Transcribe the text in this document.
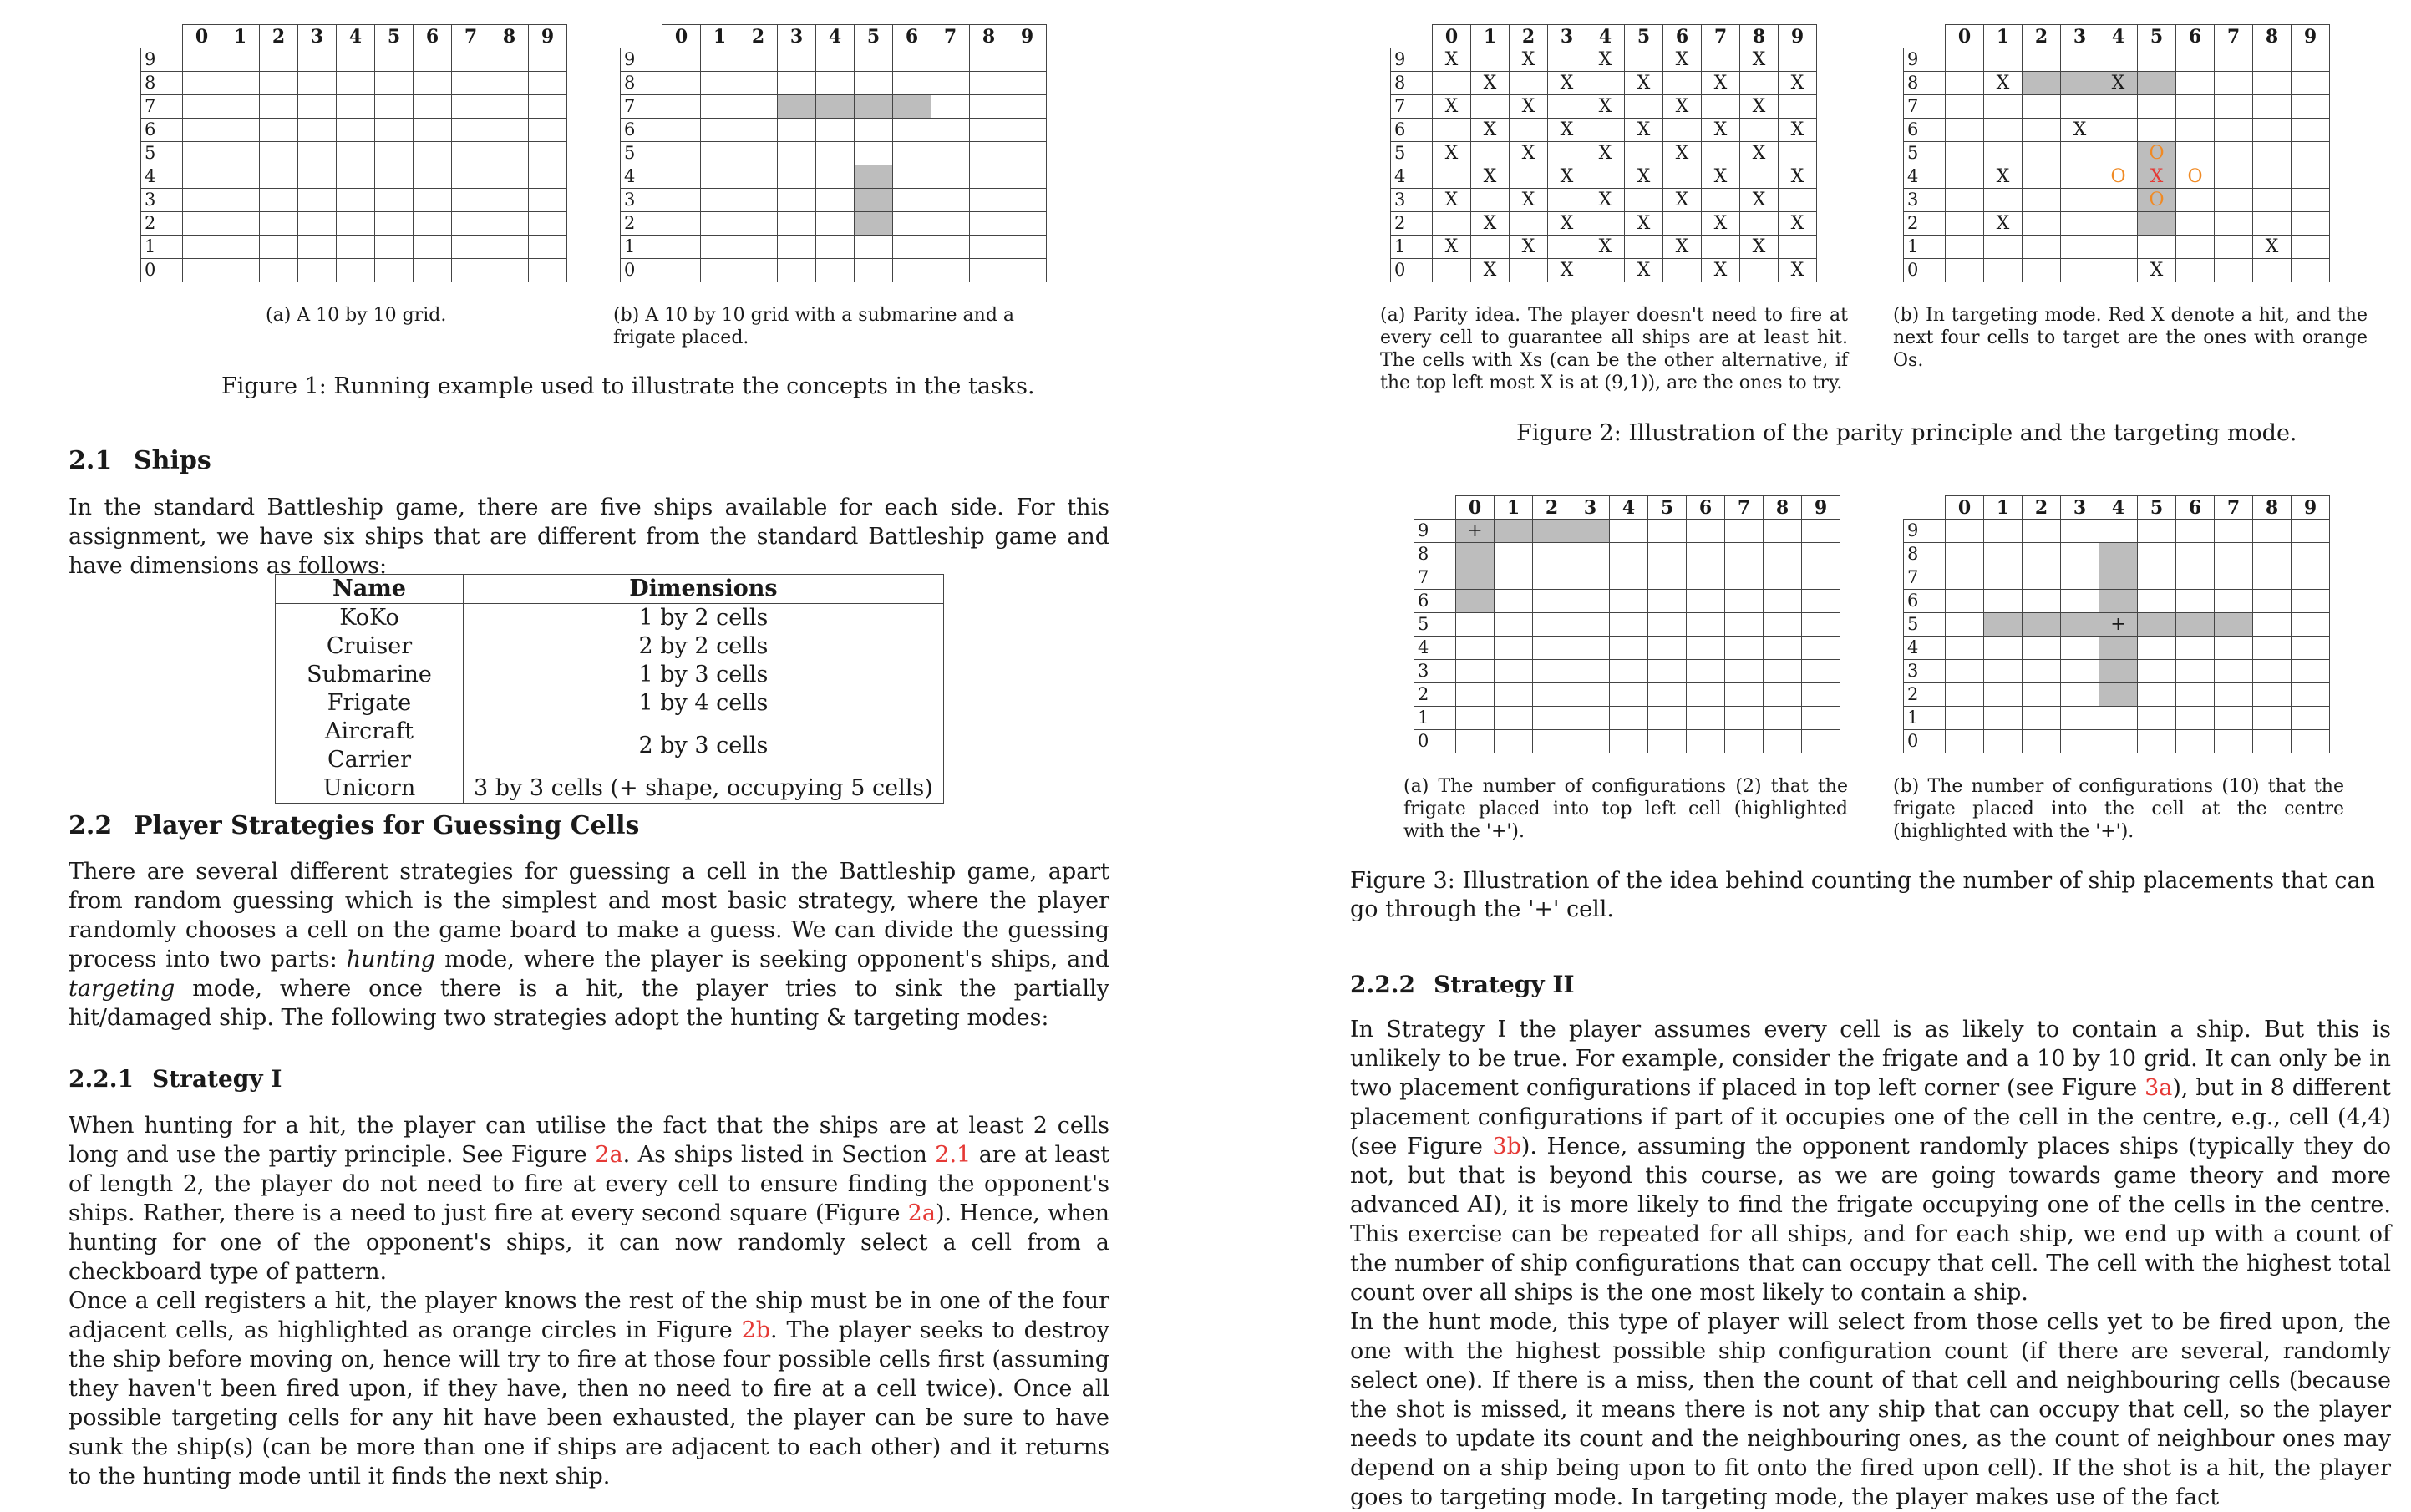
	0	1	2	3	4	5	6	7	8	9
9										
8										
7										
6										
5										
4										
3										
2										
1										
0										
	0	1	2	3	4	5	6	7	8	9
9										
8										
7										
6										
5										
4										
3										
2										
1										
0										
(a) A 10 by 10 grid.	(b) A 10 by 10 grid with a submarine and a frigate placed.
Figure 1: Running example used to illustrate the concepts in the tasks.
2.1 Ships
In the standard Battleship game, there are five ships available for each side. For this assignment, we have six ships that are different from the standard Battleship game and have dimensions as follows:
Name	Dimensions
KoKo	1 by 2 cells
Cruiser	2 by 2 cells
Submarine	1 by 3 cells
Frigate	1 by 4 cells
Aircraft Carrier	2 by 3 cells
Unicorn	3 by 3 cells (+ shape, occupying 5 cells)
2.2 Player Strategies for Guessing Cells
There are several different strategies for guessing a cell in the Battleship game, apart from random guessing which is the simplest and most basic strategy, where the player randomly chooses a cell on the game board to make a guess. We can divide the guessing process into two parts: hunting mode, where the player is seeking opponent's ships, and targeting mode, where once there is a hit, the player tries to sink the partially hit/damaged ship. The following two strategies adopt the hunting & targeting modes:
2.2.1 Strategy I

When hunting for a hit, the player can utilise the fact that the ships are at least 2 cells long and use the partiy principle. See Figure 2a. As ships listed in Section 2.1 are at least of length 2, the player do not need to fire at every cell to ensure finding the opponent's ships. Rather, there is a need to just fire at every second square (Figure 2a). Hence, when hunting for one of the opponent's ships, it can now randomly select a cell from a checkboard type of pattern.

Once a cell registers a hit, the player knows the rest of the ship must be in one of the four adjacent cells, as highlighted as orange circles in Figure 2b. The player seeks to destroy the ship before moving on, hence will try to fire at those four possible cells first (assuming they haven't been fired upon, if they have, then no need to fire at a cell twice). Once all possible targeting cells for any hit have been exhausted, the player can be sure to have sunk the ship(s) (can be more than one if ships are adjacent to each other) and it returns to the hunting mode until it finds the next ship.

	0	1	2	3	4	5	6	7	8	9
9	X		X		X		X		X	
8		X		X		X		X		X
7	X		X		X		X		X	
6		X		X		X		X		X
5	X		X		X		X		X	
4		X		X		X		X		X
3	X		X		X		X		X	
2		X		X		X		X		X
1	X		X		X		X		X	
0		X		X		X		X		X
	0	1	2	3	4	5	6	7	8	9
9										
8		X			X					
7										
6				X						
5						O				
4		X			O	X	O			
3						O				
2		X								
1									X	
0						X				
(a) Parity idea. The player doesn't need to fire at every cell to guarantee all ships are at least hit. The cells with Xs (can be the other alternative, if the top left most X is at (9,1)), are the ones to try.
(b) In targeting mode. Red X denote a hit, and the next four cells to target are the ones with orange Os.
Figure 2: Illustration of the parity principle and the targeting mode.
	0	1	2	3	4	5	6	7	8	9
9	+									
8										
7										
6										
5										
4										
3										
2										
1										
0										
	0	1	2	3	4	5	6	7	8	9
9										
8										
7										
6										
5					+					
4										
3										
2										
1										
0										
(a) The number of configurations (2) that the frigate placed into top left cell (highlighted with the '+').
(b) The number of configurations (10) that the frigate placed into the cell at the centre (highlighted with the '+').
Figure 3: Illustration of the idea behind counting the number of ship placements that can go through the '+' cell.
2.2.2 Strategy II

In Strategy I the player assumes every cell is as likely to contain a ship. But this is unlikely to be true. For example, consider the frigate and a 10 by 10 grid. It can only be in two placement configurations if placed in top left corner (see Figure 3a), but in 8 different placement configurations if part of it occupies one of the cell in the centre, e.g., cell (4,4) (see Figure 3b). Hence, assuming the opponent randomly places ships (typically they do not, but that is beyond this course, as we are going towards game theory and more advanced AI), it is more likely to find the frigate occupying one of the cells in the centre. This exercise can be repeated for all ships, and for each ship, we end up with a count of the number of ship configurations that can occupy that cell. The cell with the highest total count over all ships is the one most likely to contain a ship.

In the hunt mode, this type of player will select from those cells yet to be fired upon, the one with the highest possible ship configuration count (if there are several, randomly select one). If there is a miss, then the count of that cell and neighbouring cells (because the shot is missed, it means there is not any ship that can occupy that cell, so the player needs to update its count and the neighbouring ones, as the count of neighbour ones may depend on a ship being upon to fit onto the fired upon cell). If the shot is a hit, the player goes to targeting mode. In targeting mode, the player makes use of the fact
